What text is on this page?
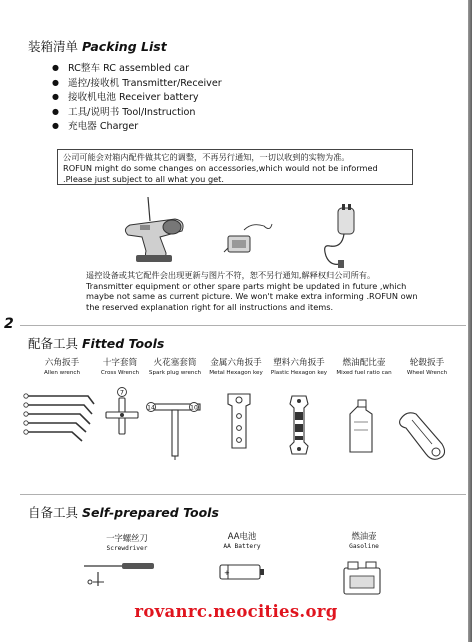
装箱清单 Packing List
● RC整车 RC assembled car
● 遥控/接收机 Transmitter/Receiver
● 接收机电池 Receiver battery
● 工具/说明书 Tool/Instruction
● 充电器 Charger
公司可能会对箱内配件做其它的调整，不再另行通知，一切以收到的实物为准。
ROFUN might do some changes on accessories,which would not be informed .Please just subject to all what you get.
遥控设备或其它配件会出现更新与图片不符，恕不另行通知,解释权归公司所有。
Transmitter equipment or other spare parts might be updated in future ,which maybe not same as current picture. We won't make extra informing .ROFUN own the reserved explanation right for all instructions and items.
2
配备工具 Fitted Tools
六角扳手
Allen wrench
十字套筒
Cross Wrench
火花塞套筒
Spark plug wrench
金属六角扳手
Metal Hexagon key
塑料六角扳手
Plastic Hexagon key
燃油配比壶
Mixed fuel ratio can
轮毂扳手
Wheel Wrench
7
14	10
自备工具 Self-prepared Tools
一字螺丝刀
Screwdriver
AA电池
AA Battery
燃油壶
Gasoline
+
rovanrc.neocities.org
